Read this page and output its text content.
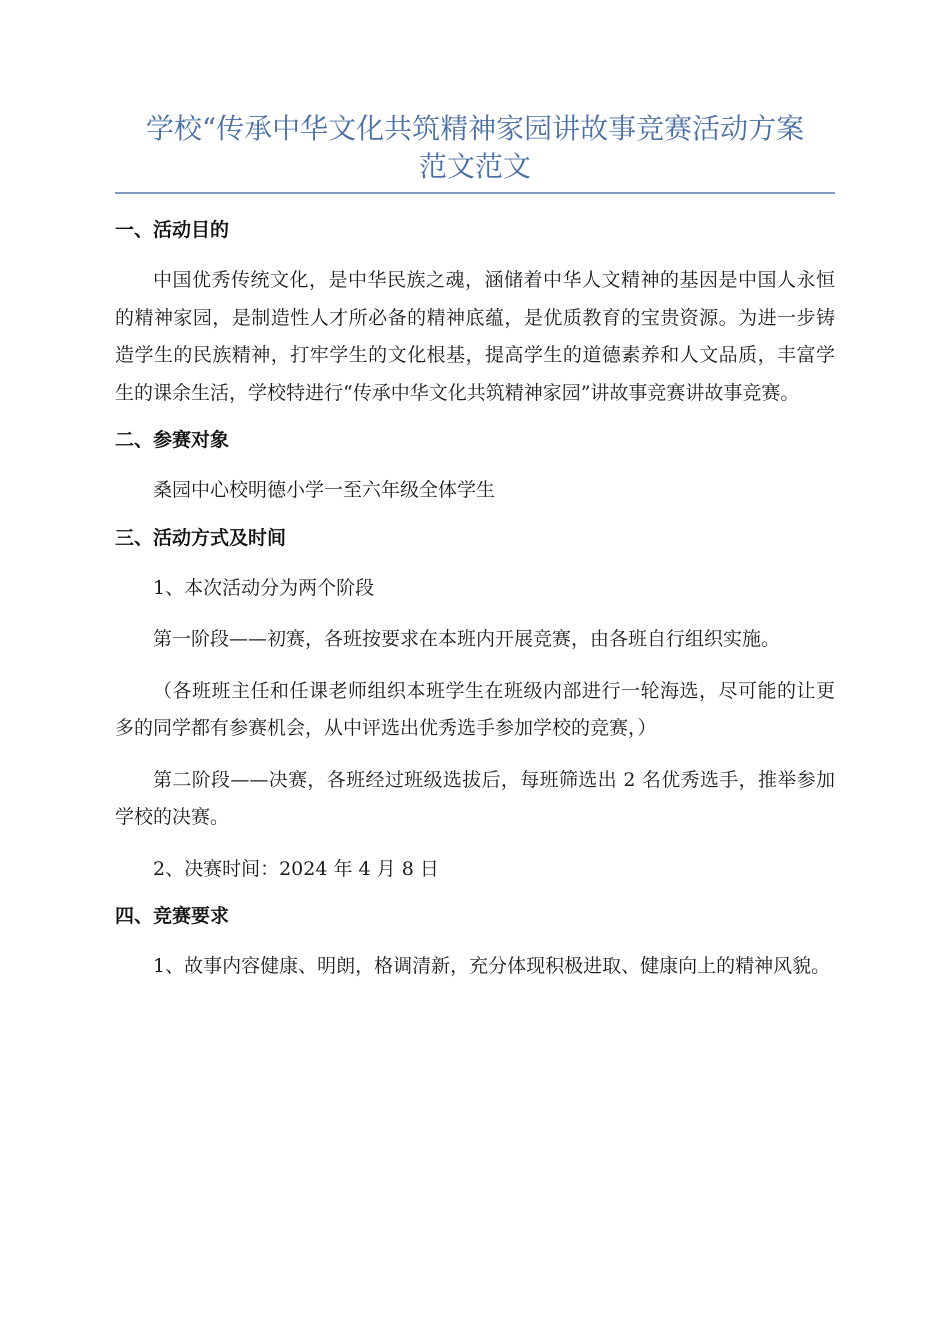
学校“传承中华文化共筑精神家园讲故事竞赛活动方案
范文范文
一、活动目的

中国优秀传统文化，是中华民族之魂，涵储着中华人文精神的基因是中国人永恒的精神家园，是制造性人才所必备的精神底蕴，是优质教育的宝贵资源。为进一步铸造学生的民族精神，打牢学生的文化根基，提高学生的道德素养和人文品质，丰富学生的课余生活，学校特进行“传承中华文化共筑精神家园”讲故事竞赛讲故事竞赛。

二、参赛对象

桑园中心校明德小学一至六年级全体学生

三、活动方式及时间

1、本次活动分为两个阶段

第一阶段——初赛，各班按要求在本班内开展竞赛，由各班自行组织实施。

（各班班主任和任课老师组织本班学生在班级内部进行一轮海选，尽可能的让更多的同学都有参赛机会，从中评选出优秀选手参加学校的竞赛，）

第二阶段——决赛，各班经过班级选拔后，每班筛选出 2 名优秀选手，推举参加学校的决赛。

2、决赛时间：2024 年 4 月 8 日

四、竞赛要求

1、故事内容健康、明朗，格调清新，充分体现积极进取、健康向上的精神风貌。
